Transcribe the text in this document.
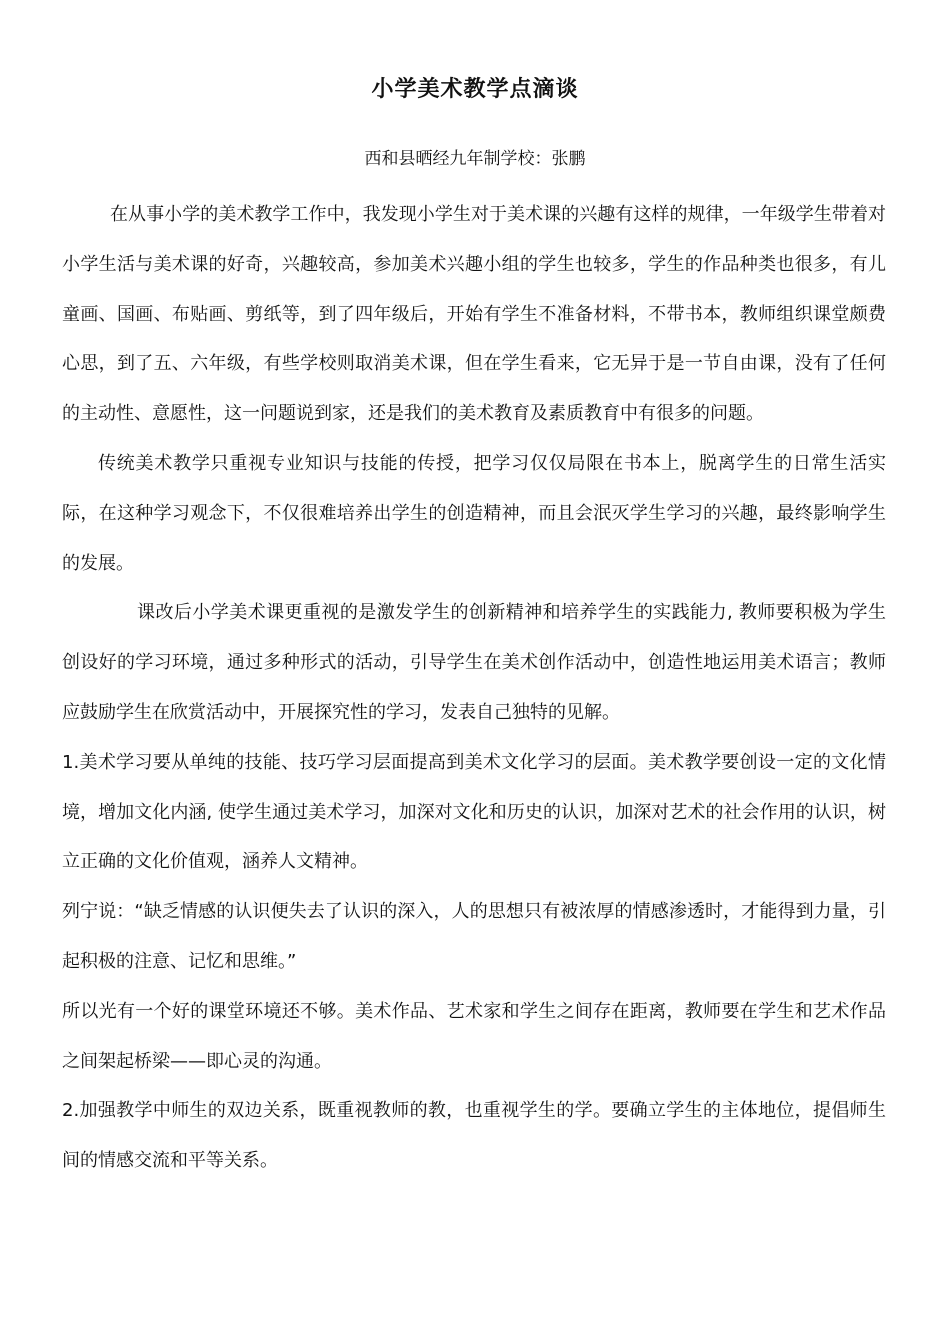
小学美术教学点滴谈

西和县晒经九年制学校：张鹏

在从事小学的美术教学工作中，我发现小学生对于美术课的兴趣有这样的规律，一年级学生带着对小学生活与美术课的好奇，兴趣较高，参加美术兴趣小组的学生也较多，学生的作品种类也很多，有儿童画、国画、布贴画、剪纸等，到了四年级后，开始有学生不准备材料，不带书本，教师组织课堂颇费心思，到了五、六年级，有些学校则取消美术课，但在学生看来，它无异于是一节自由课，没有了任何的主动性、意愿性，这一问题说到家，还是我们的美术教育及素质教育中有很多的问题。

传统美术教学只重视专业知识与技能的传授，把学习仅仅局限在书本上，脱离学生的日常生活实际，在这种学习观念下，不仅很难培养出学生的创造精神，而且会泯灭学生学习的兴趣，最终影响学生的发展。

课改后小学美术课更重视的是激发学生的创新精神和培养学生的实践能力, 教师要积极为学生创设好的学习环境，通过多种形式的活动，引导学生在美术创作活动中，创造性地运用美术语言；教师应鼓励学生在欣赏活动中，开展探究性的学习，发表自己独特的见解。

1.美术学习要从单纯的技能、技巧学习层面提高到美术文化学习的层面。美术教学要创设一定的文化情境，增加文化内涵, 使学生通过美术学习，加深对文化和历史的认识，加深对艺术的社会作用的认识，树立正确的文化价值观，涵养人文精神。

列宁说：“缺乏情感的认识便失去了认识的深入，人的思想只有被浓厚的情感渗透时，才能得到力量，引起积极的注意、记忆和思维。”

所以光有一个好的课堂环境还不够。美术作品、艺术家和学生之间存在距离，教师要在学生和艺术作品之间架起桥梁——即心灵的沟通。

2.加强教学中师生的双边关系，既重视教师的教，也重视学生的学。要确立学生的主体地位，提倡师生间的情感交流和平等关系。
